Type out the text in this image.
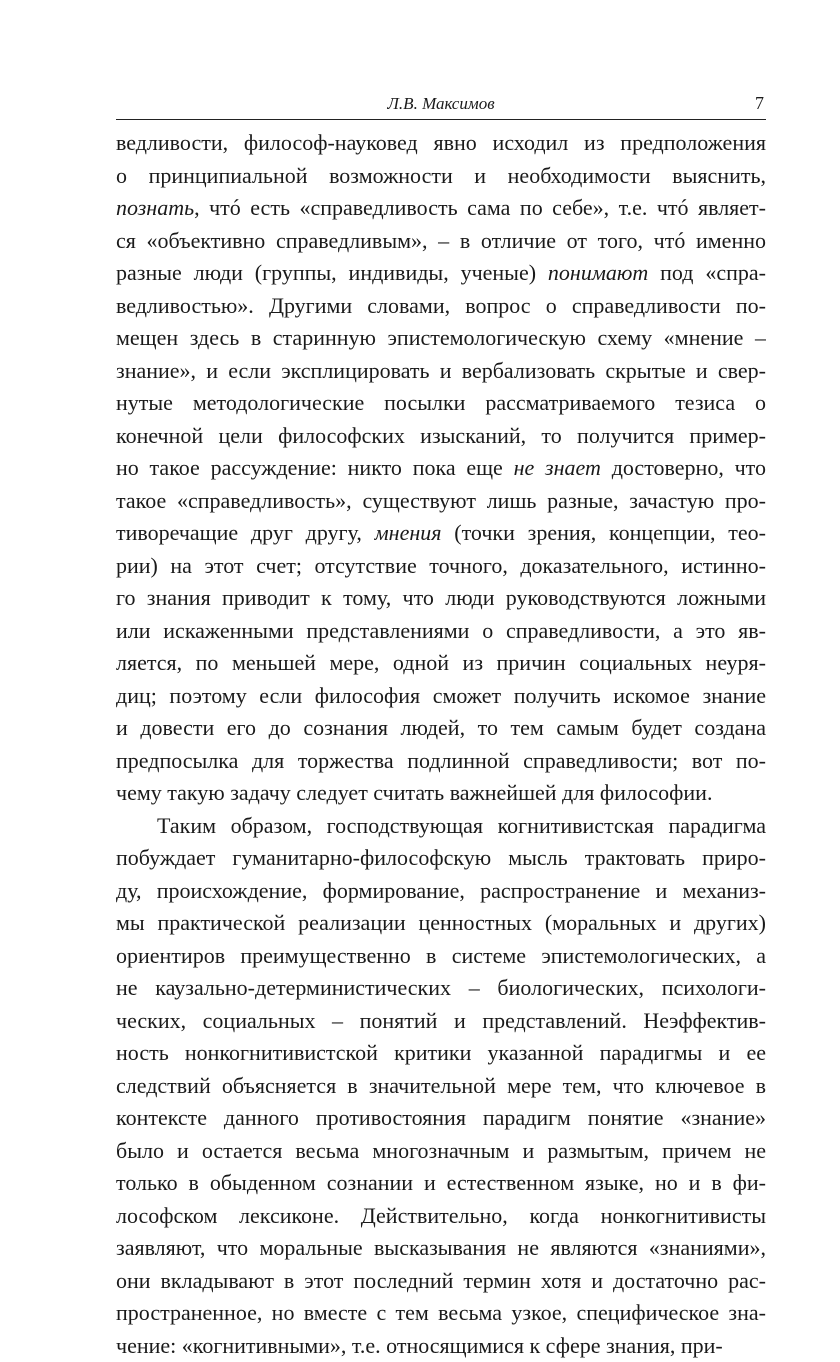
Л.В. Максимов	7
ведливости, философ-науковед явно исходил из предположения
о принципиальной возможности и необходимости выяснить,
познать, чтó есть «справедливость сама по себе», т.е. чтó являет-
ся «объективно справедливым», – в отличие от того, чтó именно
разные люди (группы, индивиды, ученые) понимают под «спра-
ведливостью». Другими словами, вопрос о справедливости по-
мещен здесь в старинную эпистемологическую схему «мнение –
знание», и если эксплицировать и вербализовать скрытые и свер-
нутые методологические посылки рассматриваемого тезиса о
конечной цели философских изысканий, то получится пример-
но такое рассуждение: никто пока еще не знает достоверно, что
такое «справедливость», существуют лишь разные, зачастую про-
тиворечащие друг другу, мнения (точки зрения, концепции, тео-
рии) на этот счет; отсутствие точного, доказательного, истинно-
го знания приводит к тому, что люди руководствуются ложными
или искаженными представлениями о справедливости, а это яв-
ляется, по меньшей мере, одной из причин социальных неуря-
диц; поэтому если философия сможет получить искомое знание
и довести его до сознания людей, то тем самым будет создана
предпосылка для торжества подлинной справедливости; вот по-
чему такую задачу следует считать важнейшей для философии.
Таким образом, господствующая когнитивистская парадигма
побуждает гуманитарно-философскую мысль трактовать приро-
ду, происхождение, формирование, распространение и механиз-
мы практической реализации ценностных (моральных и других)
ориентиров преимущественно в системе эпистемологических, а
не каузально-детерминистических – биологических, психологи-
ческих, социальных – понятий и представлений. Неэффектив-
ность нонкогнитивистской критики указанной парадигмы и ее
следствий объясняется в значительной мере тем, что ключевое в
контексте данного противостояния парадигм понятие «знание»
было и остается весьма многозначным и размытым, причем не
только в обыденном сознании и естественном языке, но и в фи-
лософском лексиконе. Действительно, когда нонкогнитивисты
заявляют, что моральные высказывания не являются «знаниями»,
они вкладывают в этот последний термин хотя и достаточно рас-
пространенное, но вместе с тем весьма узкое, специфическое зна-
чение: «когнитивными», т.е. относящимися к сфере знания, при-
